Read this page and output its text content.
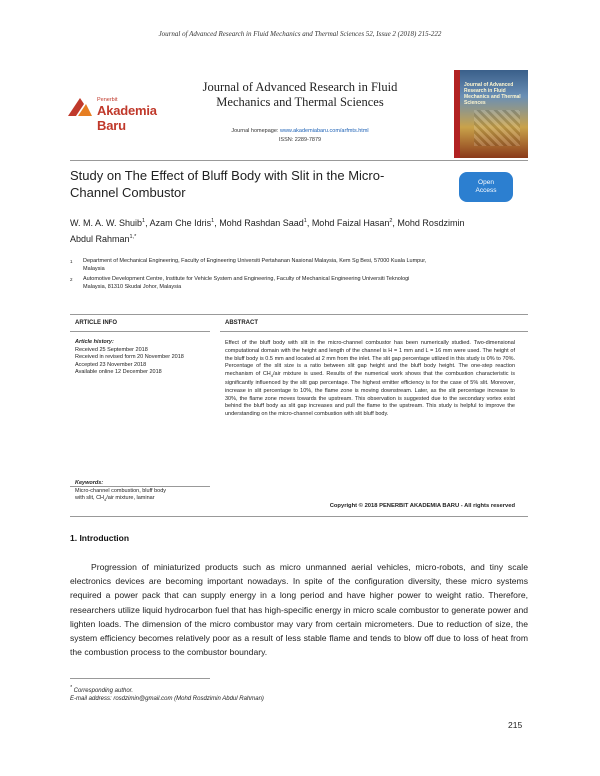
Journal of Advanced Research in Fluid Mechanics and Thermal Sciences 52, Issue 2 (2018) 215-222
Penerbit
Akademia Baru
Journal of Advanced Research in Fluid
Mechanics and Thermal Sciences
Journal homepage: www.akademiabaru.com/arfmts.html
ISSN: 2289-7879
Journal of Advanced Research in Fluid Mechanics and Thermal Sciences
Study on The Effect of Bluff Body with Slit in the Micro-
Channel Combustor
Open
Access
W. M. A. W. Shuib$^1$, Azam Che Idris$^1$, Mohd Rashdan Saad$^1$, Mohd Faizal Hasan$^2$, Mohd Rosdzimin
Abdul Rahman$^{1,*}$
1 Department of Mechanical Engineering, Faculty of Engineering Universiti Pertahanan Nasional Malaysia, Kem Sg Besi, 57000 Kuala Lumpur,
Malaysia
2 Automotive Development Centre, Institute for Vehicle System and Engineering, Faculty of Mechanical Engineering Universiti Teknologi
Malaysia, 81310 Skudai Johor, Malaysia
ARTICLE INFO	ABSTRACT
Article history:
Received 25 September 2018
Received in revised form 20 November 2018
Accepted 23 November 2018
Available online 12 December 2018
Effect of the bluff body with slit in the micro-channel combustor has been numerically studied. Two-dimensional computational domain with the height and length of the channel is H = 1 mm and L = 16 mm were used. The height of the bluff body is 0.5 mm and located at 2 mm from the inlet. The slit gap percentage utilized in this study is 0% to 70%. Percentage of the slit size is a ratio between slit gap height and the bluff body height. The one-step reaction mechanism of $CH_4$/air mixture is used. Results of the numerical work shows that the combustion characteristic is significantly influenced by the slit gap percentage. The highest emitter efficiency is for the case of 5% slit. Moreover, increase in slit percentage to 10%, the flame zone is moving downstream. Later, as the slit percentage increase to 30%, the flame zone moves towards the upstream. This observation is suggested due to the secondary vortex exist behind the bluff body as slit gap increases and pull the flame to the upstream. This study is helpful to improve the understanding on the micro-channel combustion with slit bluff body.
Keywords:
Micro-channel combustion, bluff body
with slit, $CH_4$/air mixture, laminar
Copyright © 2018 PENERBIT AKADEMIA BARU - All rights reserved
1. Introduction

Progression of miniaturized products such as micro unmanned aerial vehicles, micro-robots, and tiny scale electronics devices are becoming important nowadays. In spite of the configuration diversity, these micro systems required a power pack that can supply energy in a long period and have higher power to weight ratio. Therefore, researchers utilize liquid hydrocarbon fuel that has high-specific energy in micro scale combustor to generate power and lighten loads. The dimension of the micro combustor may vary from certain micrometers. Due to reduction of size, the system efficiency becomes relatively poor as a result of less stable flame and tends to blow off due to loss of heat from the combustion process to the combustor boundary.

* Corresponding author.
E-mail address: rosdzimin@gmail.com (Mohd Rosdzimin Abdul Rahman)
215
